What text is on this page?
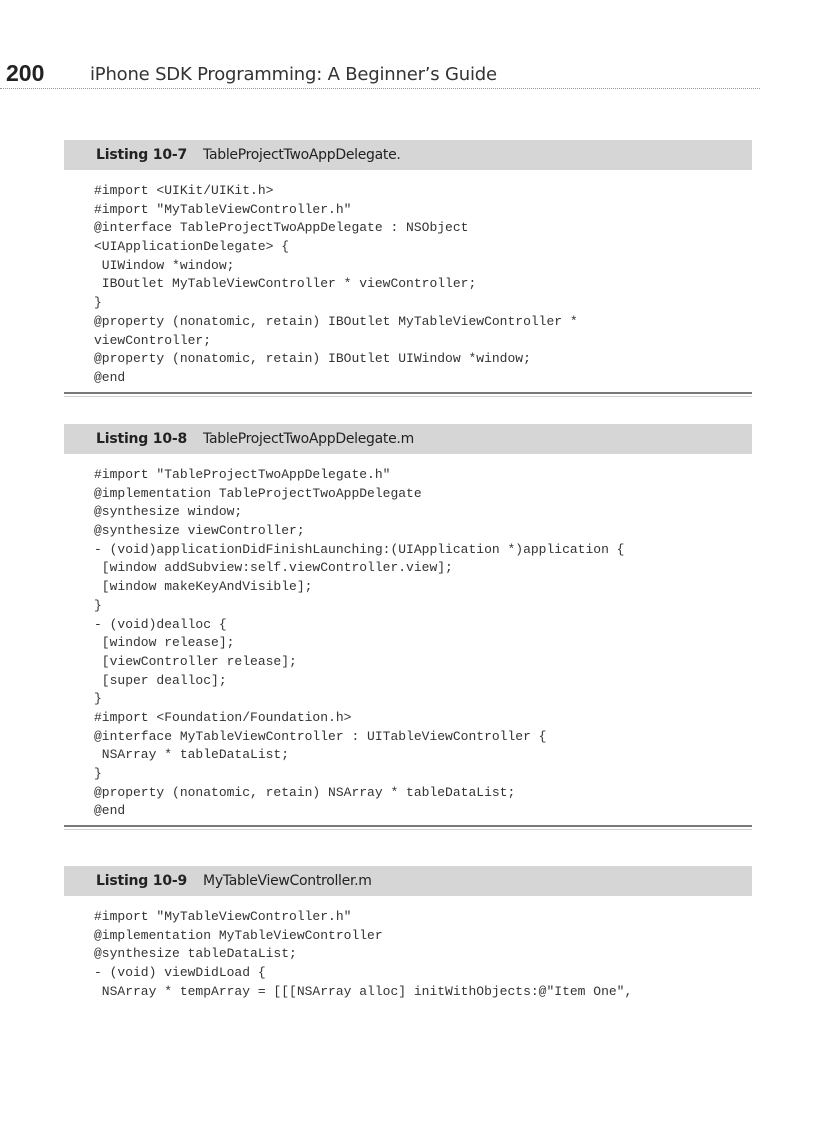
200	iPhone SDK Programming: A Beginner’s Guide
Listing 10-7 TableProjectTwoAppDelegate.
#import <UIKit/UIKit.h>
#import "MyTableViewController.h"
@interface TableProjectTwoAppDelegate : NSObject
<UIApplicationDelegate> {
UIWindow *window;
IBOutlet MyTableViewController * viewController;
}
@property (nonatomic, retain) IBOutlet MyTableViewController *
viewController;
@property (nonatomic, retain) IBOutlet UIWindow *window;
@end
Listing 10-8 TableProjectTwoAppDelegate.m
#import "TableProjectTwoAppDelegate.h"
@implementation TableProjectTwoAppDelegate
@synthesize window;
@synthesize viewController;
- (void)applicationDidFinishLaunching:(UIApplication *)application {
[window addSubview:self.viewController.view];
[window makeKeyAndVisible];
}
- (void)dealloc {
[window release];
[viewController release];
[super dealloc];
}
#import <Foundation/Foundation.h>
@interface MyTableViewController : UITableViewController {
NSArray * tableDataList;
}
@property (nonatomic, retain) NSArray * tableDataList;
@end
Listing 10-9 MyTableViewController.m
#import "MyTableViewController.h"
@implementation MyTableViewController
@synthesize tableDataList;
- (void) viewDidLoad {
NSArray * tempArray = [[[NSArray alloc] initWithObjects:@"Item One",
